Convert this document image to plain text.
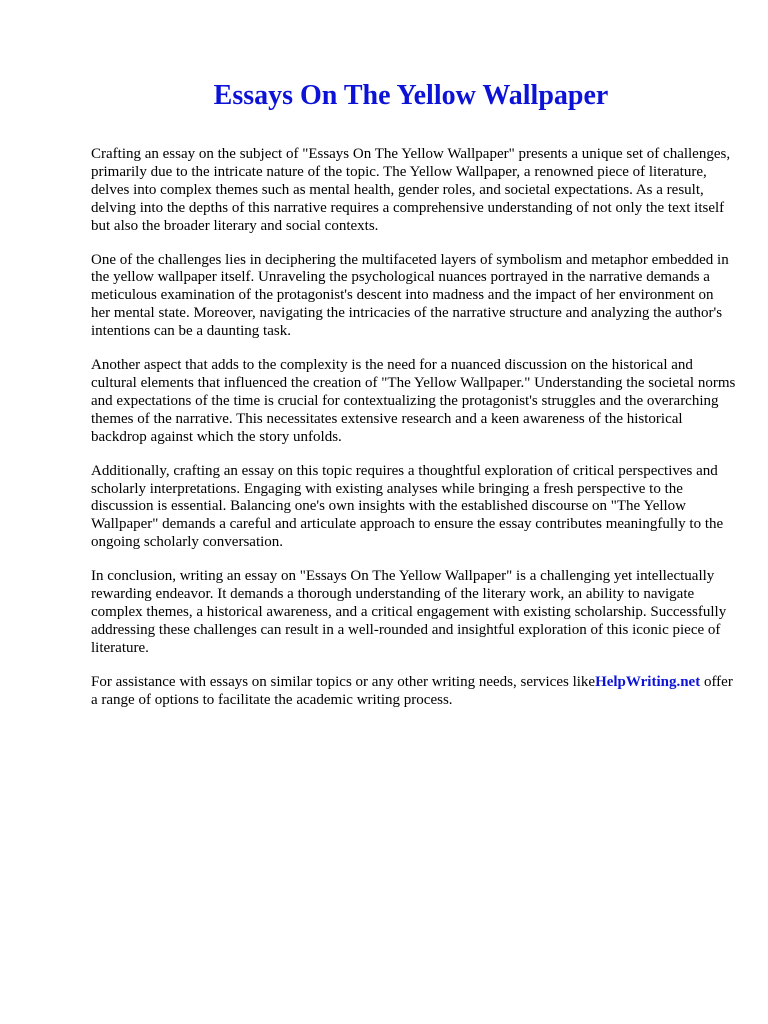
Essays On The Yellow Wallpaper

Crafting an essay on the subject of "Essays On The Yellow Wallpaper" presents a unique set of challenges, primarily due to the intricate nature of the topic. The Yellow Wallpaper, a renowned piece of literature, delves into complex themes such as mental health, gender roles, and societal expectations. As a result, delving into the depths of this narrative requires a comprehensive understanding of not only the text itself but also the broader literary and social contexts.

One of the challenges lies in deciphering the multifaceted layers of symbolism and metaphor embedded in the yellow wallpaper itself. Unraveling the psychological nuances portrayed in the narrative demands a meticulous examination of the protagonist's descent into madness and the impact of her environment on her mental state. Moreover, navigating the intricacies of the narrative structure and analyzing the author's intentions can be a daunting task.

Another aspect that adds to the complexity is the need for a nuanced discussion on the historical and cultural elements that influenced the creation of "The Yellow Wallpaper." Understanding the societal norms and expectations of the time is crucial for contextualizing the protagonist's struggles and the overarching themes of the narrative. This necessitates extensive research and a keen awareness of the historical backdrop against which the story unfolds.

Additionally, crafting an essay on this topic requires a thoughtful exploration of critical perspectives and scholarly interpretations. Engaging with existing analyses while bringing a fresh perspective to the discussion is essential. Balancing one's own insights with the established discourse on "The Yellow Wallpaper" demands a careful and articulate approach to ensure the essay contributes meaningfully to the ongoing scholarly conversation.

In conclusion, writing an essay on "Essays On The Yellow Wallpaper" is a challenging yet intellectually rewarding endeavor. It demands a thorough understanding of the literary work, an ability to navigate complex themes, a historical awareness, and a critical engagement with existing scholarship. Successfully addressing these challenges can result in a well-rounded and insightful exploration of this iconic piece of literature.

For assistance with essays on similar topics or any other writing needs, services likeHelpWriting.net offer a range of options to facilitate the academic writing process.
